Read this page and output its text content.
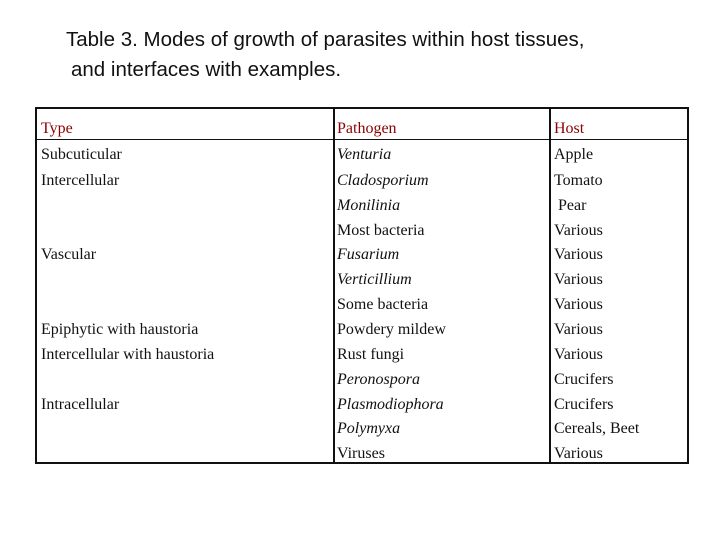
Table 3. Modes of growth of parasites within host tissues,
and interfaces with examples.
Type
Subcuticular
Intercellular
Vascular
Epiphytic with haustoria
Intercellular with haustoria
Intracellular
Pathogen
Venturia
Cladosporium
Monilinia
Most bacteria
Fusarium
Verticillium
Some bacteria
Powdery mildew
Rust fungi
Peronospora
Plasmodiophora
Polymyxa
Viruses
Host
Apple
Tomato
Pear
Various
Various
Various
Various
Various
Various
Crucifers
Crucifers
Cereals, Beet
Various
